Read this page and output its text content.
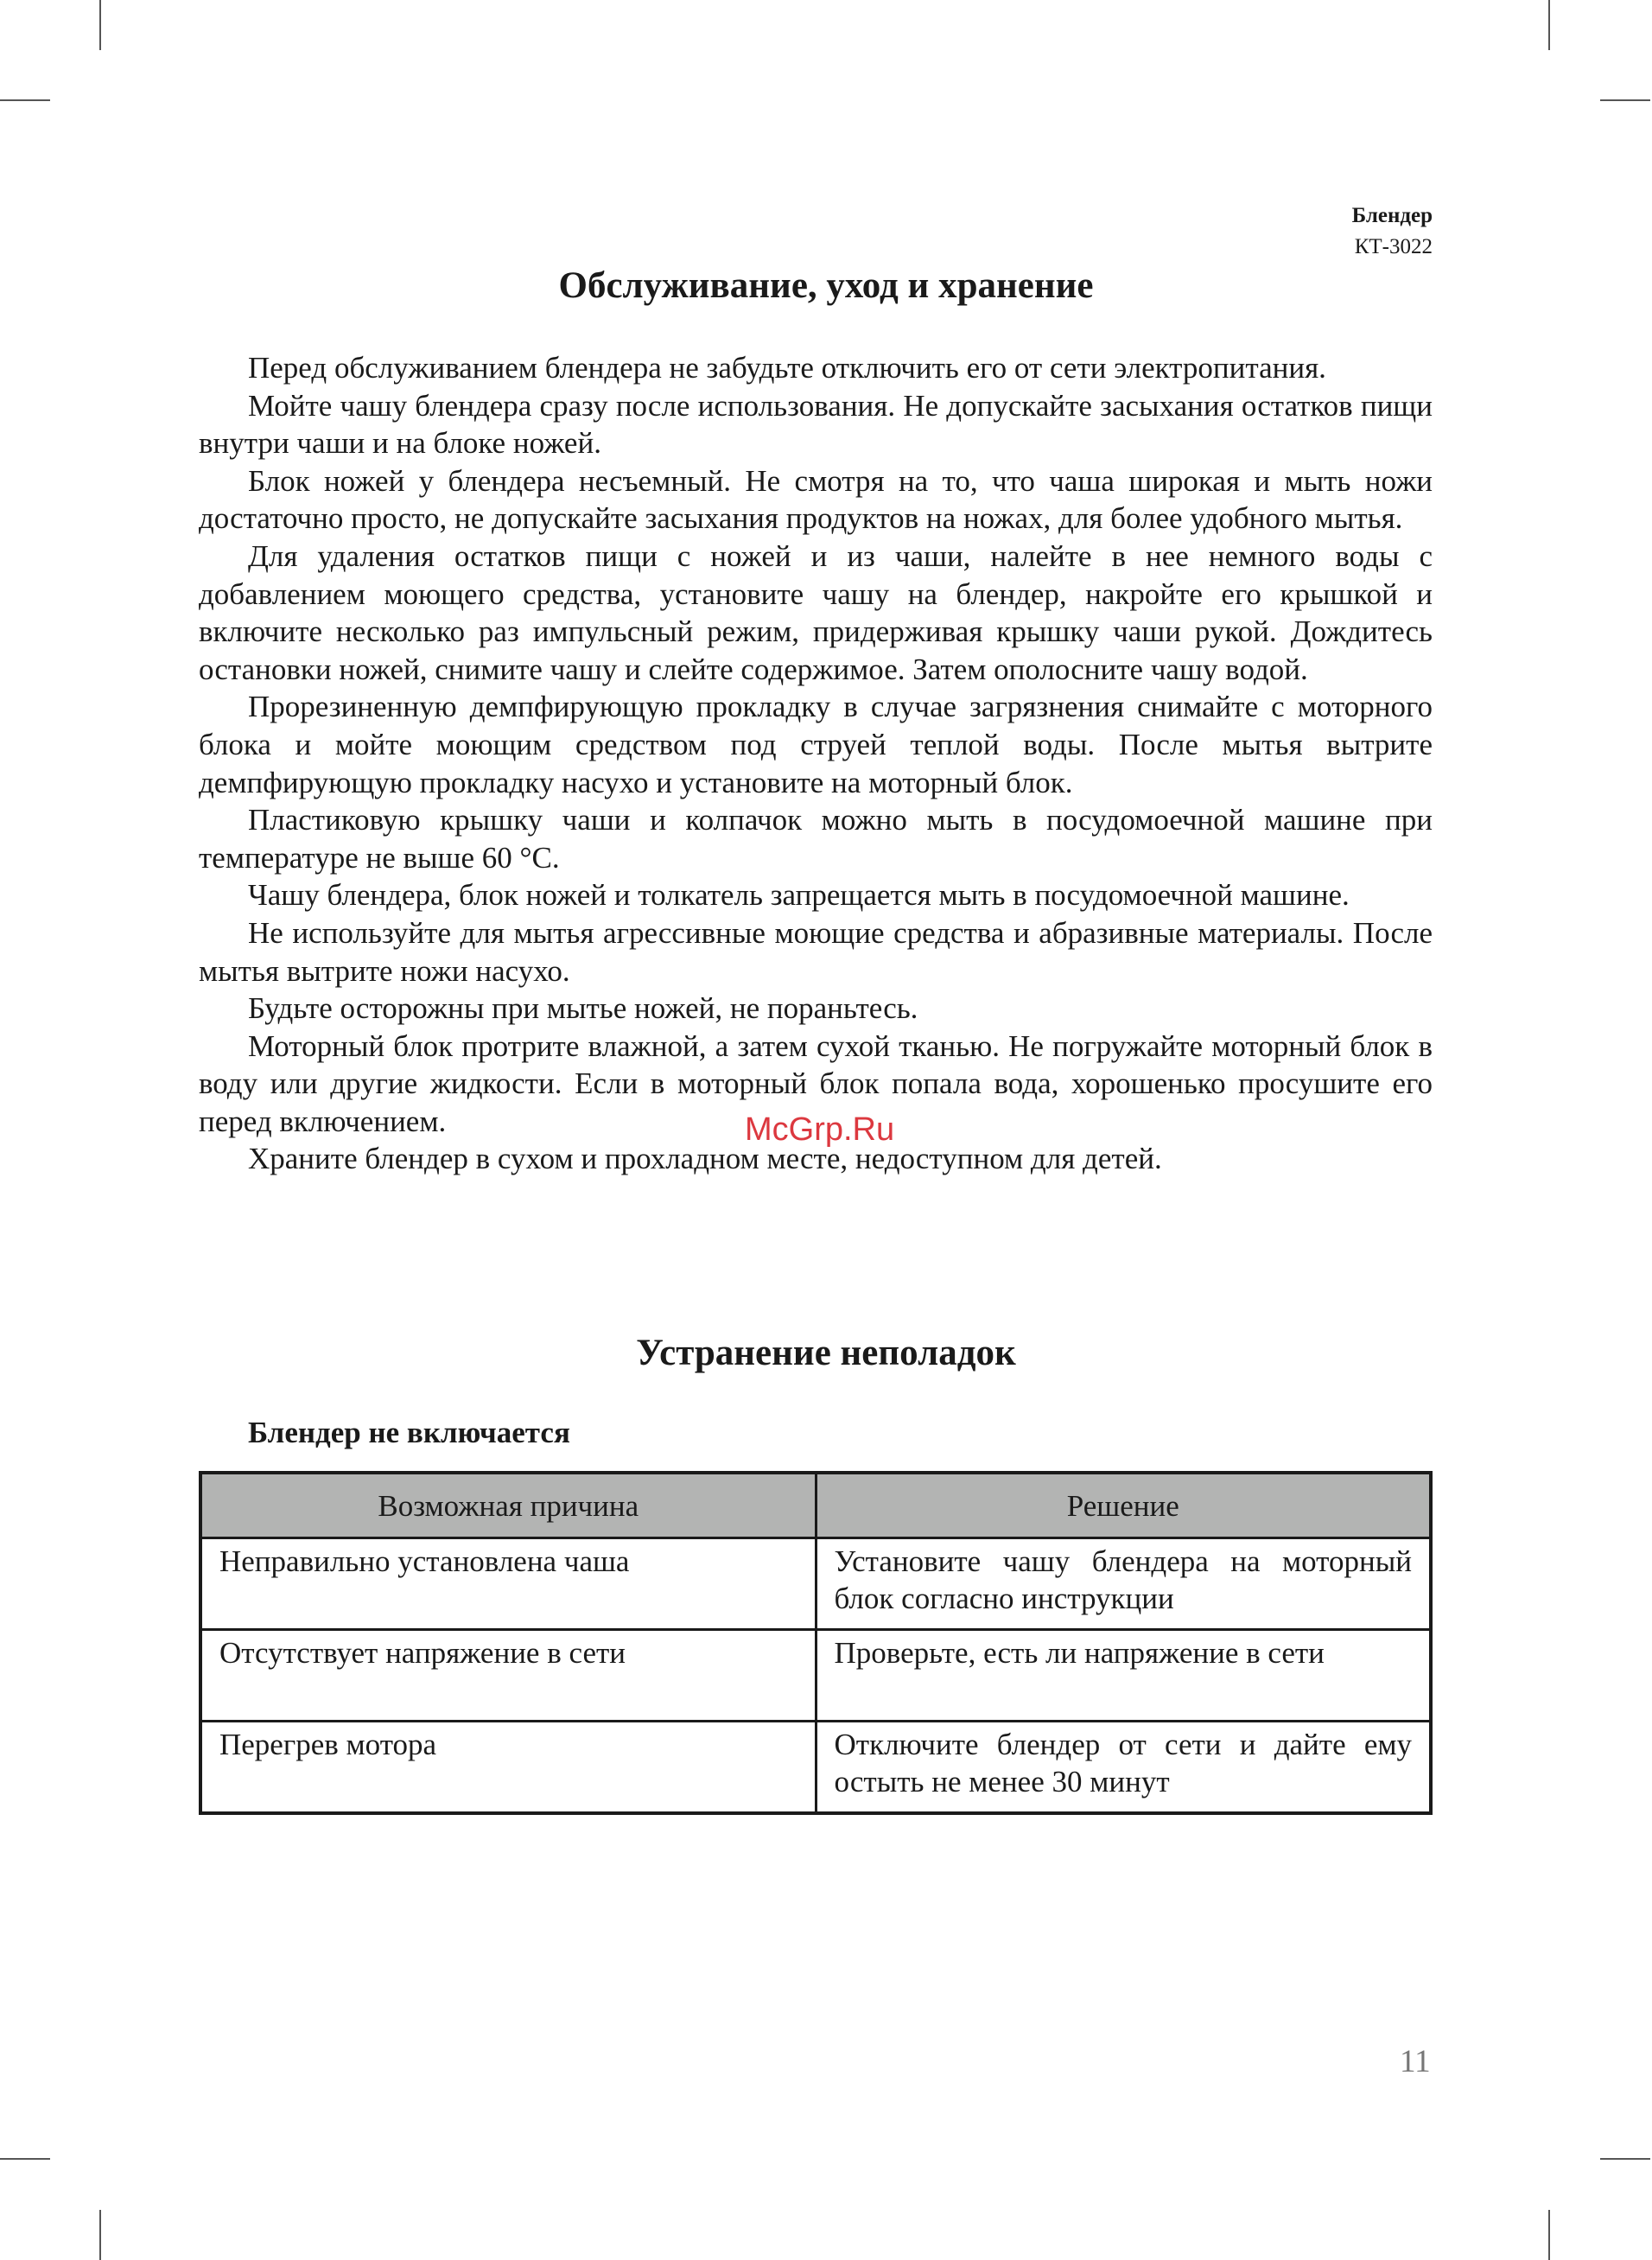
Блендер
КТ-3022
Обслуживание, уход и хранение

Перед обслуживанием блендера не забудьте отключить его от сети электропитания.

Мойте чашу блендера сразу после использования. Не допускайте засыхания остатков пищи внутри чаши и на блоке ножей.

Блок ножей у блендера несъемный. Не смотря на то, что чаша широкая и мыть ножи достаточно просто, не допускайте засыхания продуктов на ножах, для более удобного мытья.

Для удаления остатков пищи с ножей и из чаши, налейте в нее немного воды с добавлением моющего средства, установите чашу на блендер, накройте его крышкой и включите несколько раз импульсный режим, придерживая крышку чаши рукой. Дождитесь остановки ножей, снимите чашу и слейте содержимое. Затем ополосните чашу водой.

Прорезиненную демпфирующую прокладку в случае загрязнения снимайте с моторного блока и мойте моющим средством под струей теплой воды. После мытья вытрите демпфирующую прокладку насухо и установите на моторный блок.

Пластиковую крышку чаши и колпачок можно мыть в посудомоечной машине при температуре не выше 60 °С.

Чашу блендера, блок ножей и толкатель запрещается мыть в посудомоечной машине.

Не используйте для мытья агрессивные моющие средства и абразивные материалы. После мытья вытрите ножи насухо.

Будьте осторожны при мытье ножей, не пораньтесь.

Моторный блок протрите влажной, а затем сухой тканью. Не погружайте моторный блок в воду или другие жидкости. Если в моторный блок попала вода, хорошенько просушите его перед включением.

Храните блендер в сухом и прохладном месте, недоступном для детей.

McGrp.Ru
Устранение неполадок
Блендер не включается
Возможная причина	Решение
Неправильно установлена чаша	Установите чашу блендера на моторный блок согласно инструкции
Отсутствует напряжение в сети	Проверьте, есть ли напряжение в сети
Перегрев мотора	Отключите блендер от сети и дайте ему остыть не менее 30 минут
11
